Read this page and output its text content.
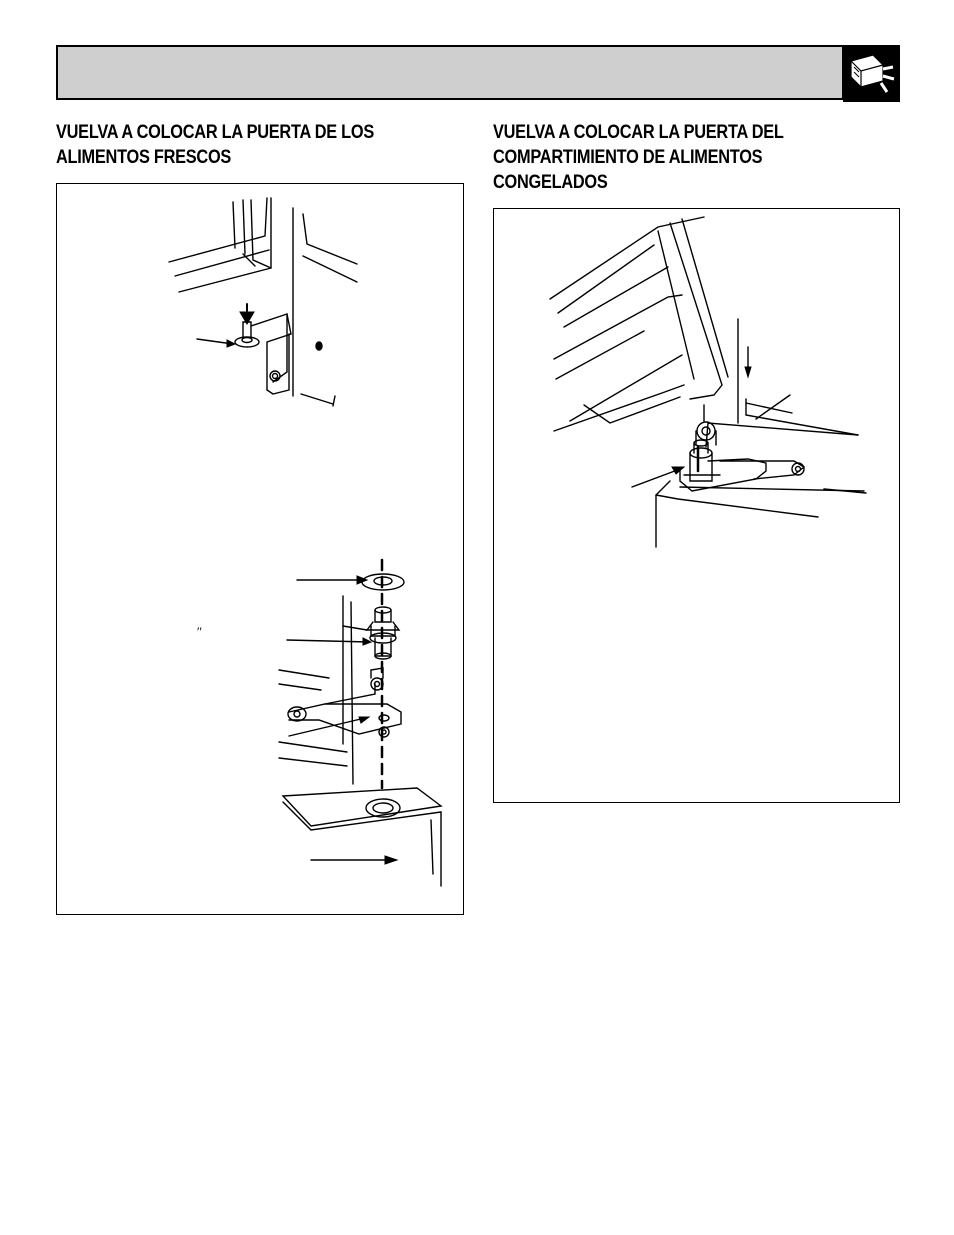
VUELVA A COLOCAR LA PUERTA DE LOS
ALIMENTOS FRESCOS
VUELVA A COLOCAR LA PUERTA DEL
COMPARTIMIENTO DE ALIMENTOS
CONGELADOS
″
